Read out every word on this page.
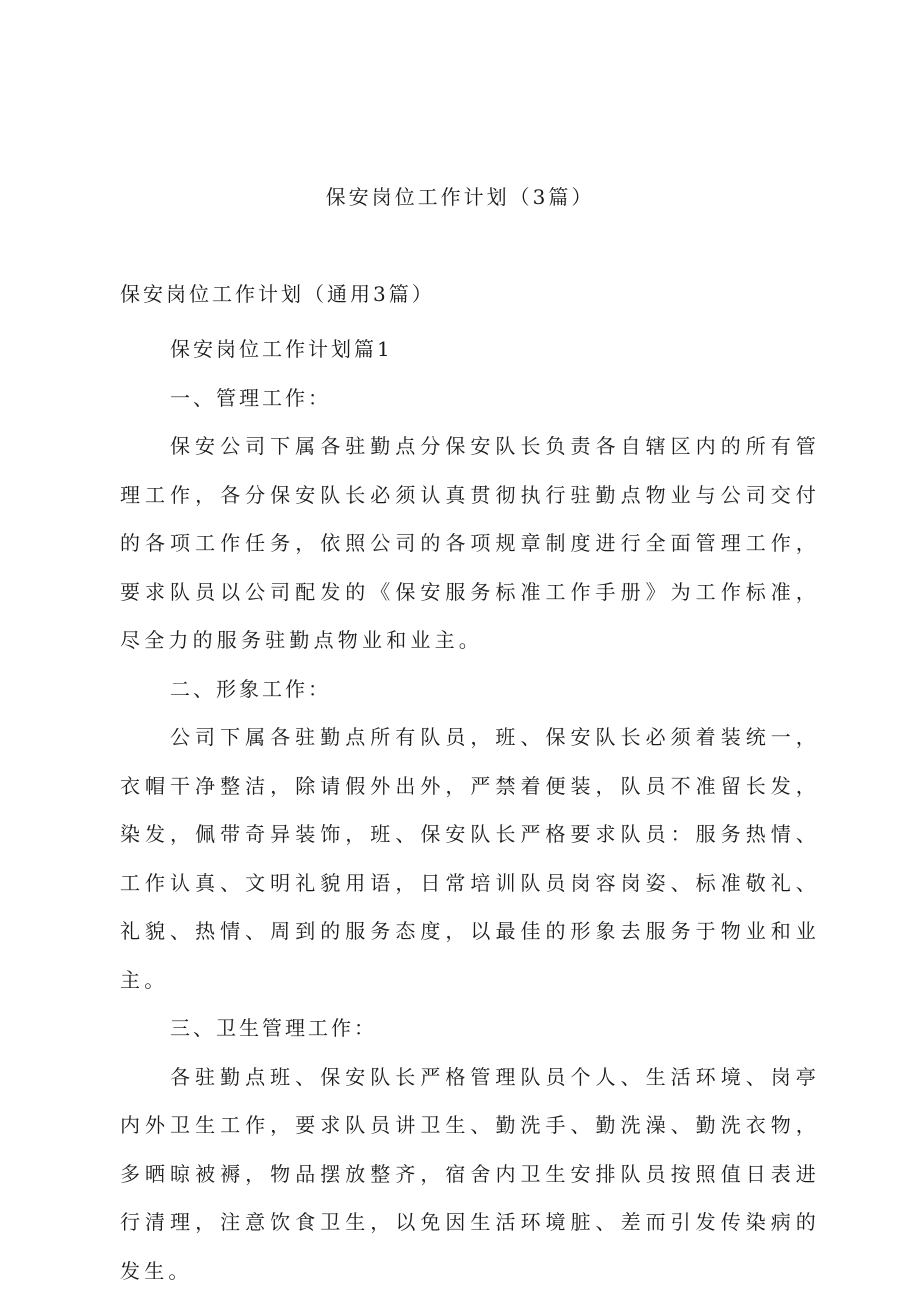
保安岗位工作计划（3篇）

保安岗位工作计划（通用3篇）

保安岗位工作计划篇1

一、管理工作：

保安公司下属各驻勤点分保安队长负责各自辖区内的所有管理工作，各分保安队长必须认真贯彻执行驻勤点物业与公司交付的各项工作任务，依照公司的各项规章制度进行全面管理工作，要求队员以公司配发的《保安服务标准工作手册》为工作标准，尽全力的服务驻勤点物业和业主。

二、形象工作：

公司下属各驻勤点所有队员，班、保安队长必须着装统一，衣帽干净整洁，除请假外出外，严禁着便装，队员不准留长发，染发，佩带奇异装饰，班、保安队长严格要求队员：服务热情、工作认真、文明礼貌用语，日常培训队员岗容岗姿、标准敬礼、礼貌、热情、周到的服务态度，以最佳的形象去服务于物业和业主。

三、卫生管理工作：

各驻勤点班、保安队长严格管理队员个人、生活环境、岗亭内外卫生工作，要求队员讲卫生、勤洗手、勤洗澡、勤洗衣物，多晒晾被褥，物品摆放整齐，宿舍内卫生安排队员按照值日表进行清理，注意饮食卫生，以免因生活环境脏、差而引发传染病的发生。
